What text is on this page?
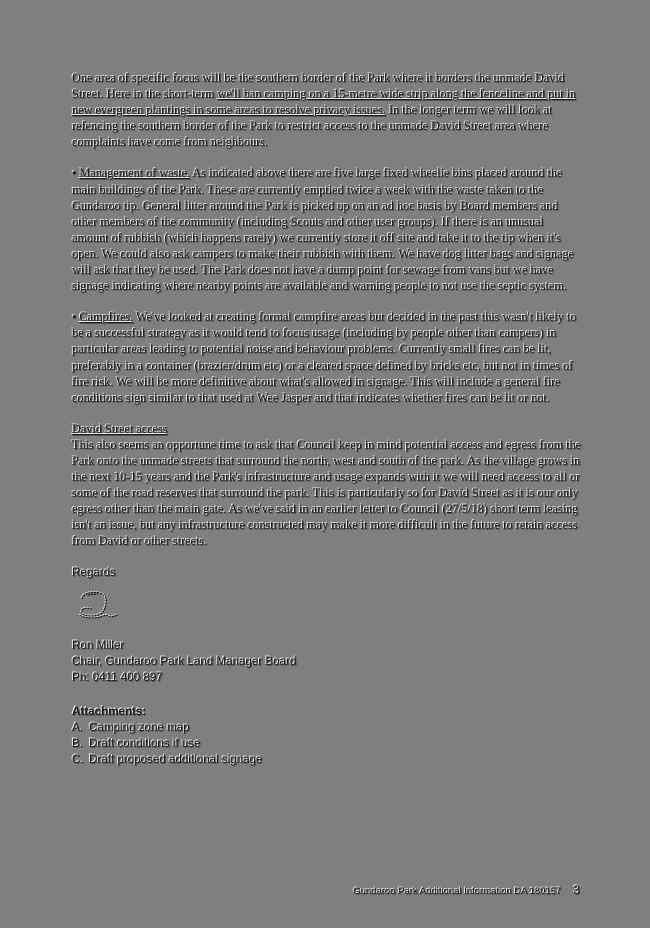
One area of specific focus will be the southern border of the Park where it borders the unmade David Street. Here in the short-term we'll ban camping on a 15-metre wide strip along the fenceline and put in new evergreen plantings in some areas to resolve privacy issues. In the longer term we will look at refencing the southern border of the Park to restrict access to the unmade David Street area where complaints have come from neighbours.

• Management of waste. As indicated above there are five large fixed wheelie bins placed around the main buildings of the Park. These are currently emptied twice a week with the waste taken to the Gundaroo tip. General litter around the Park is picked up on an ad hoc basis by Board members and other members of the community (including Scouts and other user groups). If there is an unusual amount of rubbish (which happens rarely) we currently store it off site and take it to the tip when it's open. We could also ask campers to make their rubbish with them. We have dog litter bags and signage will ask that they be used. The Park does not have a dump point for sewage from vans but we have signage indicating where nearby points are available and warning people to not use the septic system.

• Campfires. We've looked at creating formal campfire areas but decided in the past this wasn't likely to be a successful strategy as it would tend to focus usage (including by people other than campers) in particular areas leading to potential noise and behaviour problems. Currently small fires can be lit, preferably in a container (brazier/drum etc) or a cleared space defined by bricks etc, but not in times of fire risk. We will be more definitive about what's allowed in signage. This will include a general fire conditions sign similar to that used at Wee Jasper and that indicates whether fires can be lit or not.

David Street access

This also seems an opportune time to ask that Council keep in mind potential access and egress from the Park onto the unmade streets that surround the north, west and south of the park. As the village grows in the next 10-15 years and the Park's infrastructure and usage expands with it we will need access to all or some of the road reserves that surround the park. This is particularly so for David Street as it is our only egress other than the main gate. As we've said in an earlier letter to Council (27/5/18) short term leasing isn't an issue, but any infrastructure constructed may make it more difficult in the future to retain access from David or other streets.

Regards

Ron Miller

Chair, Gundaroo Park Land Manager Board

Ph: 0411 400 897

Attachments:

A. Camping zone map
B. Draft conditions if use
C. Draft proposed additional signage
Gundaroo Park Additional Information DA 180157 3
